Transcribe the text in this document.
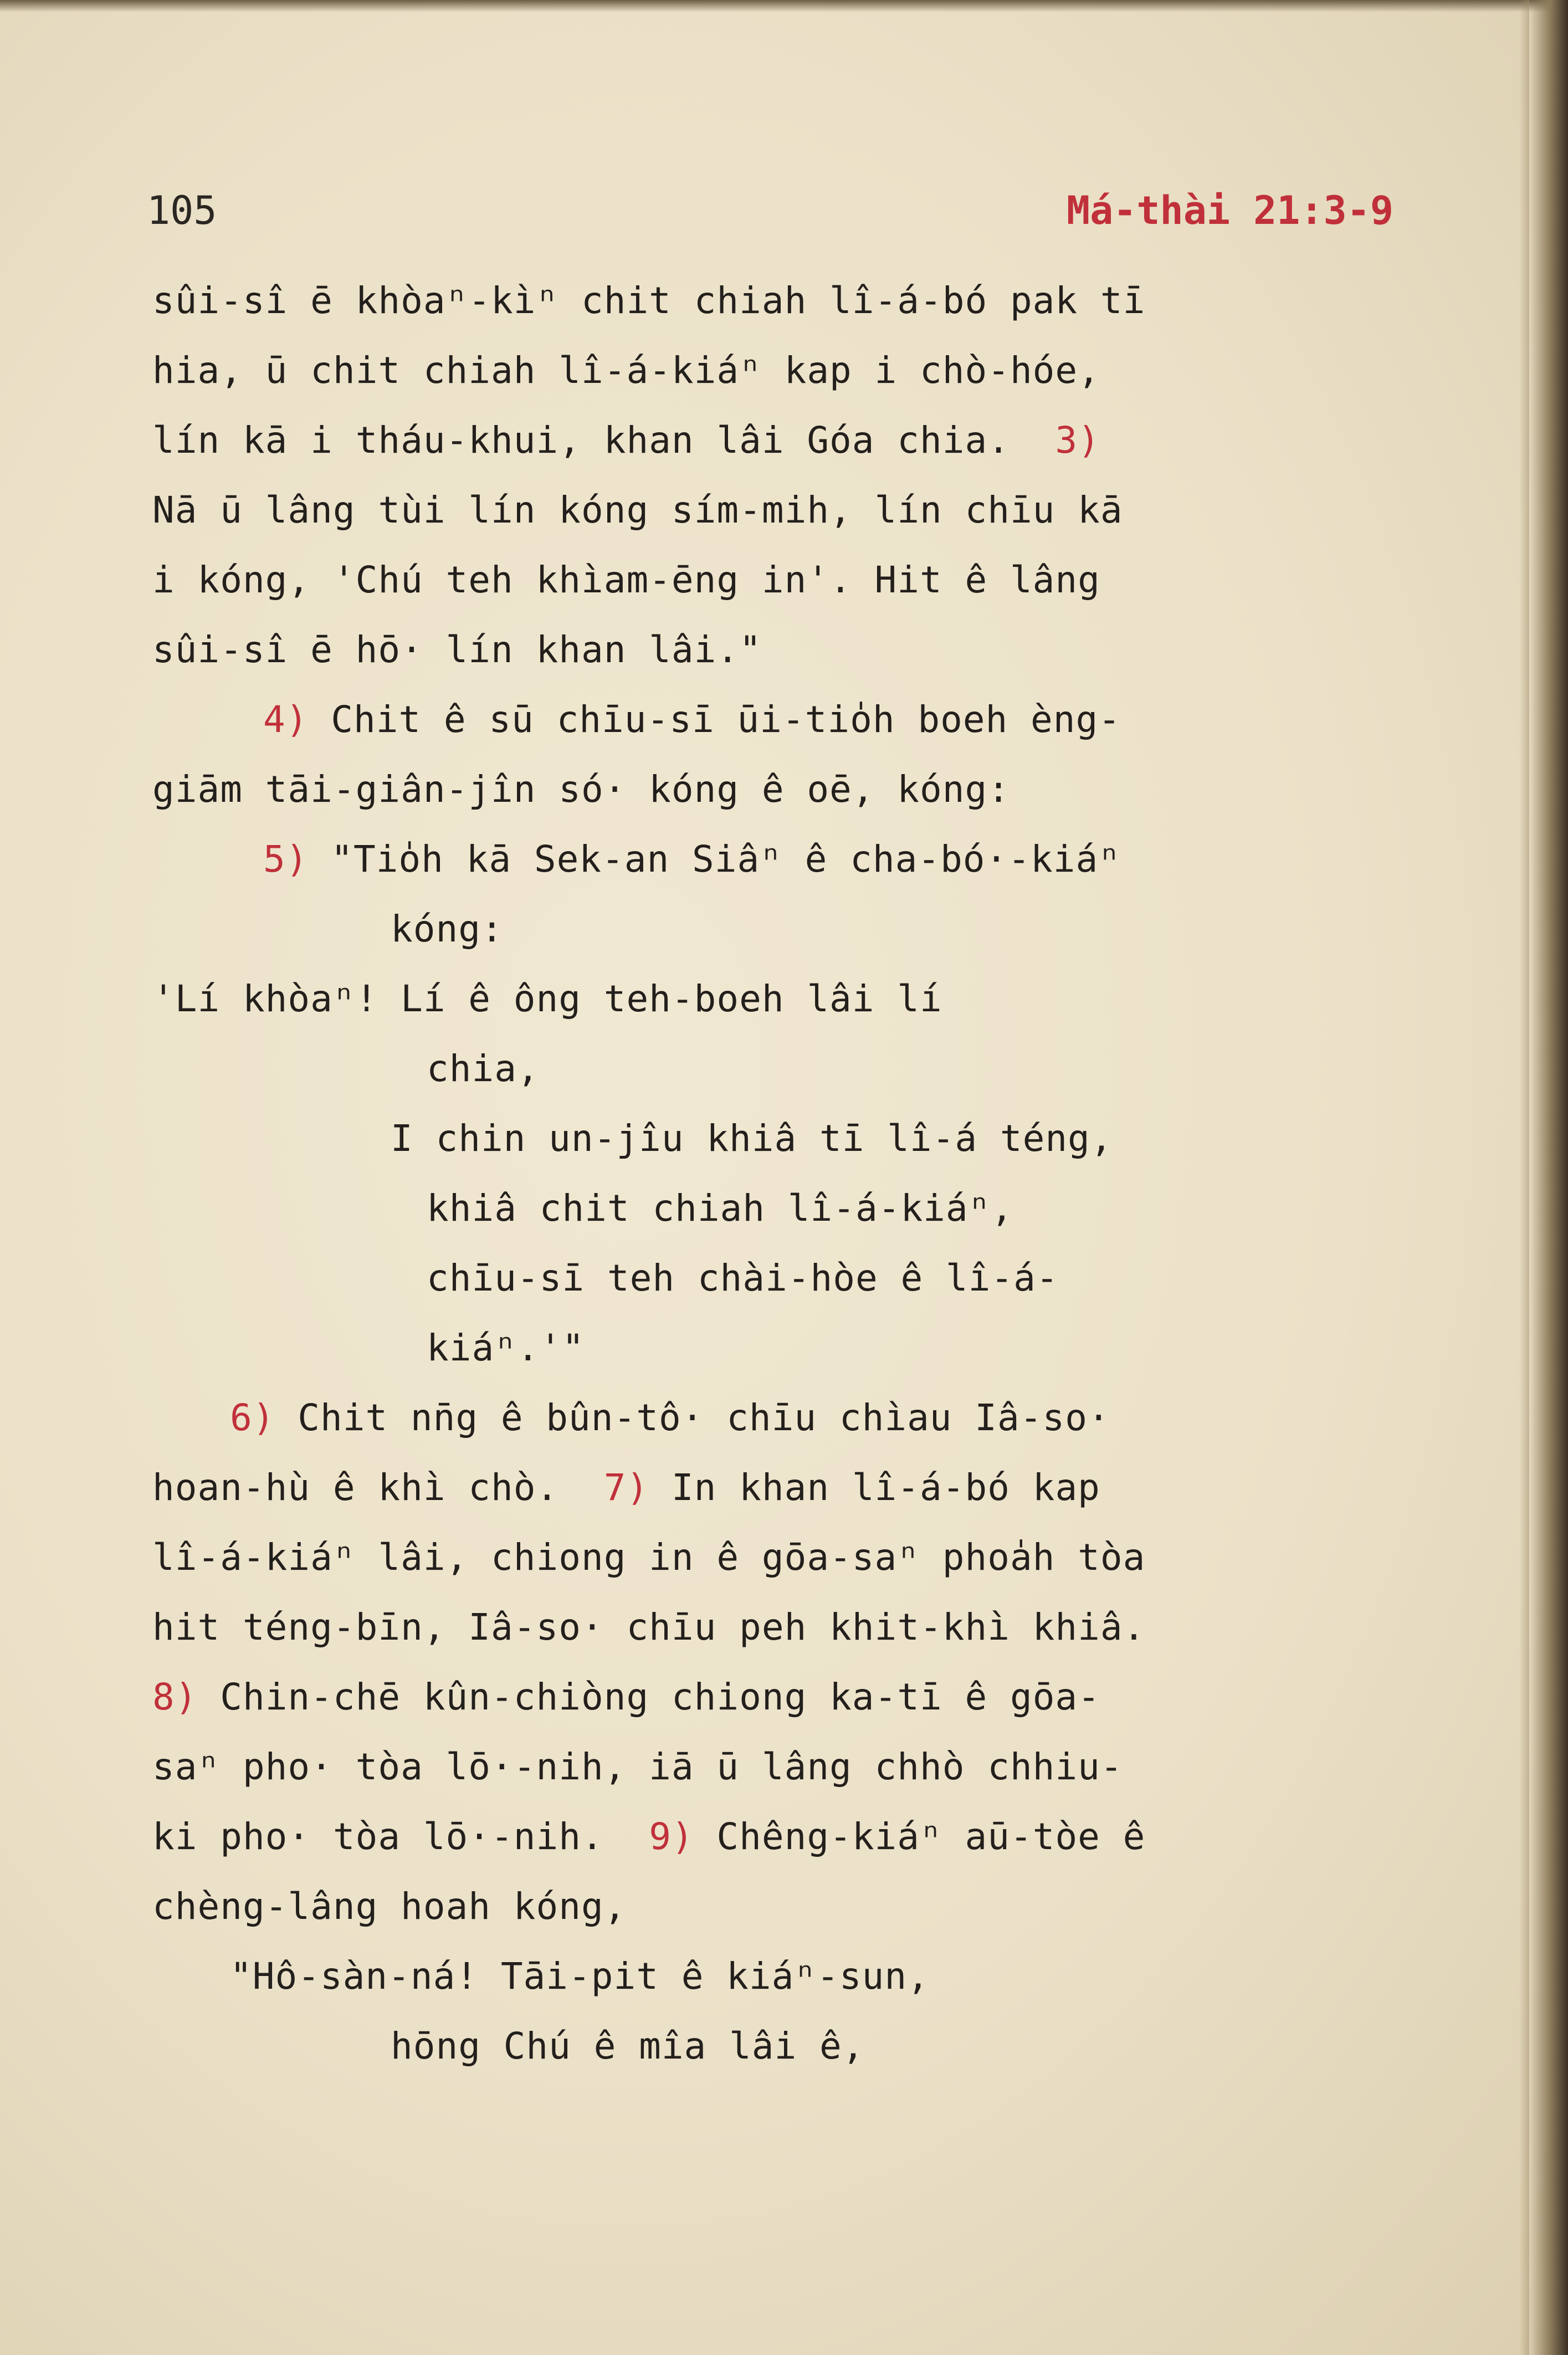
105	Má-thài 21:3-9
sûi-sî ē khòaⁿ-kìⁿ chit chiah lî-á-bó pak tī
hia, ū chit chiah lî-á-kiáⁿ kap i chò-hóe,
lín kā i tháu-khui, khan lâi Góa chia.  3)
Nā ū lâng tùi lín kóng sím-mih, lín chīu kā
i kóng, 'Chú teh khìam-ēng in'. Hit ê lâng
sûi-sî ē hō· lín khan lâi."
4) Chit ê sū chīu-sī ūi-tio̍h boeh èng-
giām tāi-giân-jîn só· kóng ê oē, kóng:
5) "Tio̍h kā Sek-an Siâⁿ ê cha-bó·-kiáⁿ
kóng:
'Lí khòaⁿ! Lí ê ông teh-boeh lâi lí
chia,
I chin un-jîu khiâ tī lî-á téng,
khiâ chit chiah lî-á-kiáⁿ,
chīu-sī teh chài-hòe ê lî-á-
kiáⁿ.'"
6) Chit nn̄g ê bûn-tô· chīu chìau Iâ-so·
hoan-hù ê khì chò.  7) In khan lî-á-bó kap
lî-á-kiáⁿ lâi, chiong in ê gōa-saⁿ phoa̍h tòa
hit téng-bīn, Iâ-so· chīu peh khit-khì khiâ.
8) Chin-chē kûn-chiòng chiong ka-tī ê gōa-
saⁿ pho· tòa lō·-nih, iā ū lâng chhò chhiu-
ki pho· tòa lō·-nih.  9) Chêng-kiáⁿ aū-tòe ê
chèng-lâng hoah kóng,
"Hô-sàn-ná! Tāi-pit ê kiáⁿ-sun,
hōng Chú ê mîa lâi ê,
